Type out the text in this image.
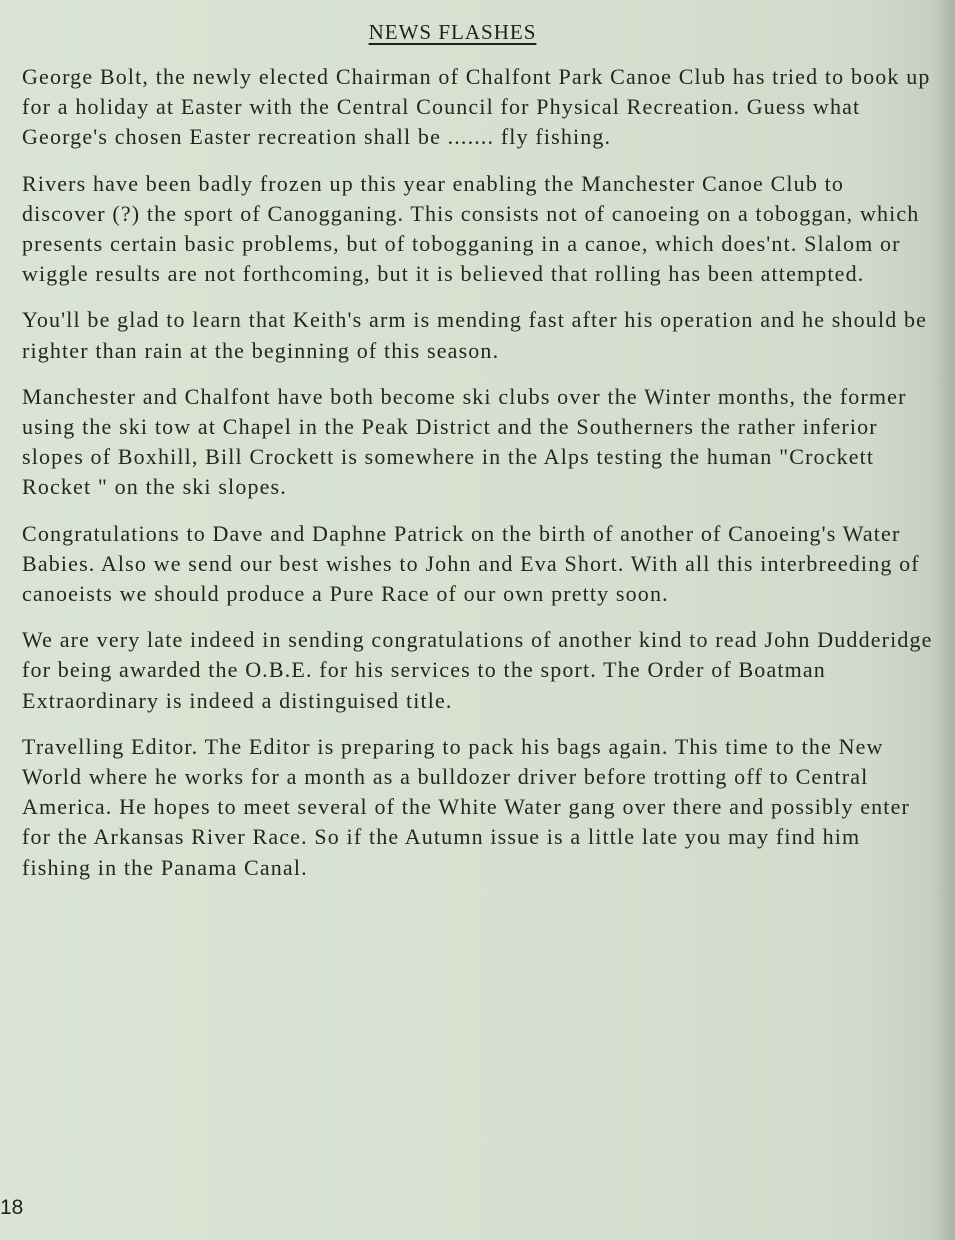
NEWS FLASHES

George Bolt, the newly elected Chairman of Chalfont Park Canoe Club has tried to book up for a holiday at Easter with the Central Council for Physical Recreation. Guess what George's chosen Easter recreation shall be ....... fly fishing.

Rivers have been badly frozen up this year enabling the Manchester Canoe Club to discover (?) the sport of Canogganing. This consists not of canoeing on a toboggan, which presents certain basic problems, but of tobogganing in a canoe, which does'nt. Slalom or wiggle results are not forthcoming, but it is believed that rolling has been attempted.

You'll be glad to learn that Keith's arm is mending fast after his operation and he should be righter than rain at the beginning of this season.

Manchester and Chalfont have both become ski clubs over the Winter months, the former using the ski tow at Chapel in the Peak District and the Southerners the rather inferior slopes of Boxhill, Bill Crockett is somewhere in the Alps testing the human "Crockett Rocket " on the ski slopes.

Congratulations to Dave and Daphne Patrick on the birth of another of Canoeing's Water Babies. Also we send our best wishes to John and Eva Short. With all this interbreeding of canoeists we should produce a Pure Race of our own pretty soon.

We are very late indeed in sending congratulations of another kind to read John Dudderidge for being awarded the O.B.E. for his services to the sport. The Order of Boatman Extraordinary is indeed a distinguised title.

Travelling Editor. The Editor is preparing to pack his bags again. This time to the New World where he works for a month as a bulldozer driver before trotting off to Central America. He hopes to meet several of the White Water gang over there and possibly enter for the Arkansas River Race. So if the Autumn issue is a little late you may find him fishing in the Panama Canal.

18
